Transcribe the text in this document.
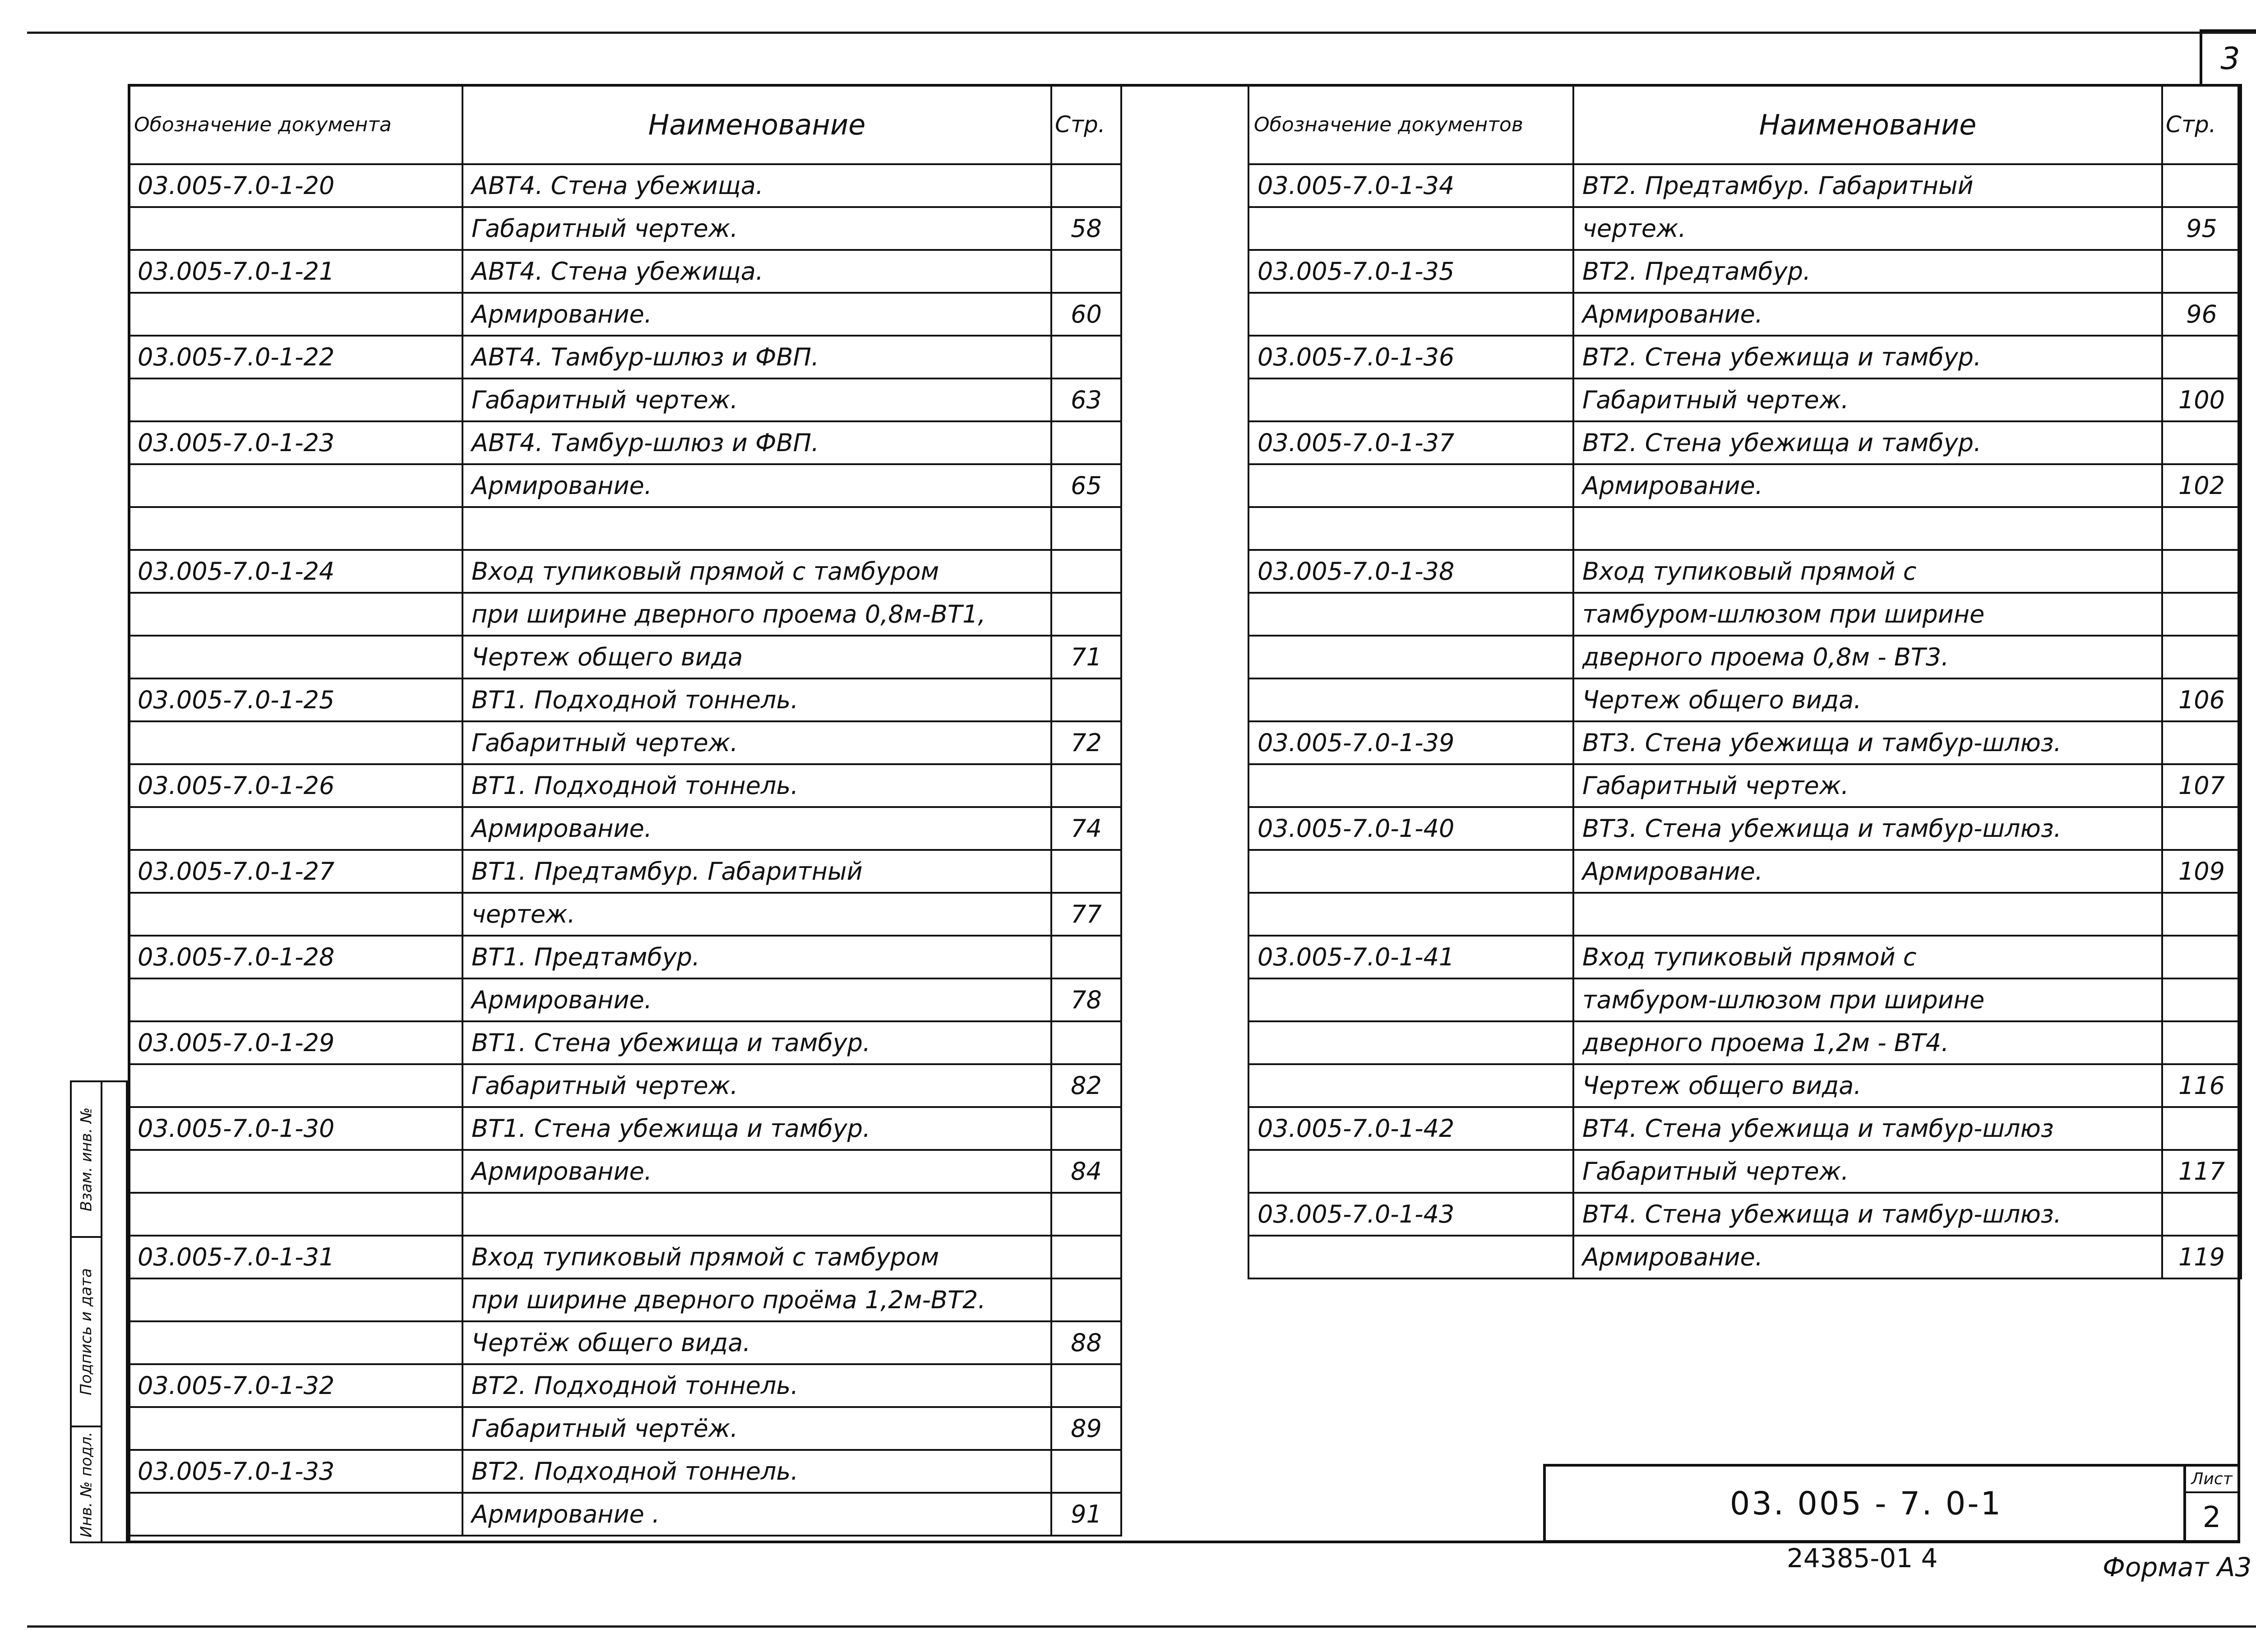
3
Обозначение документа	Наименование	Стр.
03.005-7.0-1-20	АВТ4. Стена убежища.	
	Габаритный чертеж.	58
03.005-7.0-1-21	АВТ4. Стена убежища.	
	Армирование.	60
03.005-7.0-1-22	АВТ4. Тамбур-шлюз и ФВП.	
	Габаритный чертеж.	63
03.005-7.0-1-23	АВТ4. Тамбур-шлюз и ФВП.	
	Армирование.	65

03.005-7.0-1-24	Вход тупиковый прямой с тамбуром	
	при ширине дверного проема 0,8м-ВТ1,	
	Чертеж общего вида	71
03.005-7.0-1-25	ВТ1. Подходной тоннель.	
	Габаритный чертеж.	72
03.005-7.0-1-26	ВТ1. Подходной тоннель.	
	Армирование.	74
03.005-7.0-1-27	ВТ1. Предтамбур. Габаритный	
	чертеж.	77
03.005-7.0-1-28	ВТ1. Предтамбур.	
	Армирование.	78
03.005-7.0-1-29	ВТ1. Стена убежища и тамбур.	
	Габаритный чертеж.	82
03.005-7.0-1-30	ВТ1. Стена убежища и тамбур.	
	Армирование.	84

03.005-7.0-1-31	Вход тупиковый прямой с тамбуром	
	при ширине дверного проёма 1,2м-ВТ2.	
	Чертёж общего вида.	88
03.005-7.0-1-32	ВТ2. Подходной тоннель.	
	Габаритный чертёж.	89
03.005-7.0-1-33	ВТ2. Подходной тоннель.	
	Армирование .	91
Обозначение документов	Наименование	Стр.
03.005-7.0-1-34	ВТ2. Предтамбур. Габаритный	
	чертеж.	95
03.005-7.0-1-35	ВТ2. Предтамбур.	
	Армирование.	96
03.005-7.0-1-36	ВТ2. Стена убежища и тамбур.	
	Габаритный чертеж.	100
03.005-7.0-1-37	ВТ2. Стена убежища и тамбур.	
	Армирование.	102

03.005-7.0-1-38	Вход тупиковый прямой с	
	тамбуром-шлюзом при ширине	
	дверного проема 0,8м - ВТ3.	
	Чертеж общего вида.	106
03.005-7.0-1-39	ВТ3. Стена убежища и тамбур-шлюз.	
	Габаритный чертеж.	107
03.005-7.0-1-40	ВТ3. Стена убежища и тамбур-шлюз.	
	Армирование.	109

03.005-7.0-1-41	Вход тупиковый прямой с	
	тамбуром-шлюзом при ширине	
	дверного проема 1,2м - ВТ4.	
	Чертеж общего вида.	116
03.005-7.0-1-42	ВТ4. Стена убежища и тамбур-шлюз	
	Габаритный чертеж.	117
03.005-7.0-1-43	ВТ4. Стена убежища и тамбур-шлюз.	
	Армирование.	119
Взам. инв. №
Подпись и дата
Инв. № подл.	03. 005 - 7. 0-1
Лист
2
24385-01 4	Формат А3
